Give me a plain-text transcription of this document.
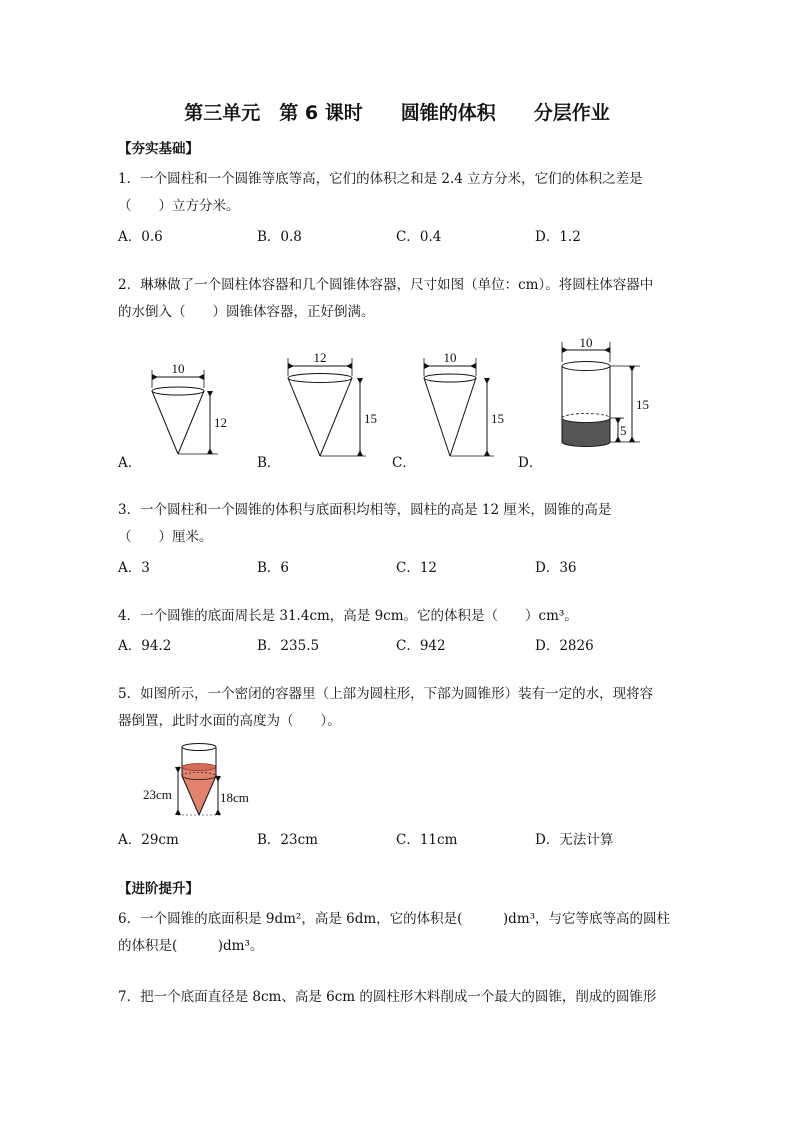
第三单元　第 6 课时　　圆锥的体积　　分层作业
【夯实基础】
1．一个圆柱和一个圆锥等底等高，它们的体积之和是 2.4 立方分米，它们的体积之差是
（　　）立方分米。
A．0.6	B．0.8	C．0.4	D．1.2
2．琳琳做了一个圆柱体容器和几个圆锥体容器，尺寸如图（单位：cm）。将圆柱体容器中
的水倒入（　　）圆锥体容器，正好倒满。
10
12
12
15
10
15
10
15
5
A．	B．	C．	D．
3．一个圆柱和一个圆锥的体积与底面积均相等，圆柱的高是 12 厘米，圆锥的高是
（　　）厘米。
A．3	B．6	C．12	D．36
4．一个圆锥的底面周长是 31.4cm，高是 9cm。它的体积是（　　）cm³。
A．94.2	B．235.5	C．942	D．2826
5．如图所示，一个密闭的容器里（上部为圆柱形，下部为圆锥形）装有一定的水，现将容
器倒置，此时水面的高度为（　　）。
23cm	18cm
A．29cm	B．23cm	C．11cm	D．无法计算
【进阶提升】
6．一个圆锥的底面积是 9dm²，高是 6dm，它的体积是(　　　)dm³，与它等底等高的圆柱
的体积是(　　　)dm³。
7．把一个底面直径是 8cm、高是 6cm 的圆柱形木料削成一个最大的圆锥，削成的圆锥形
